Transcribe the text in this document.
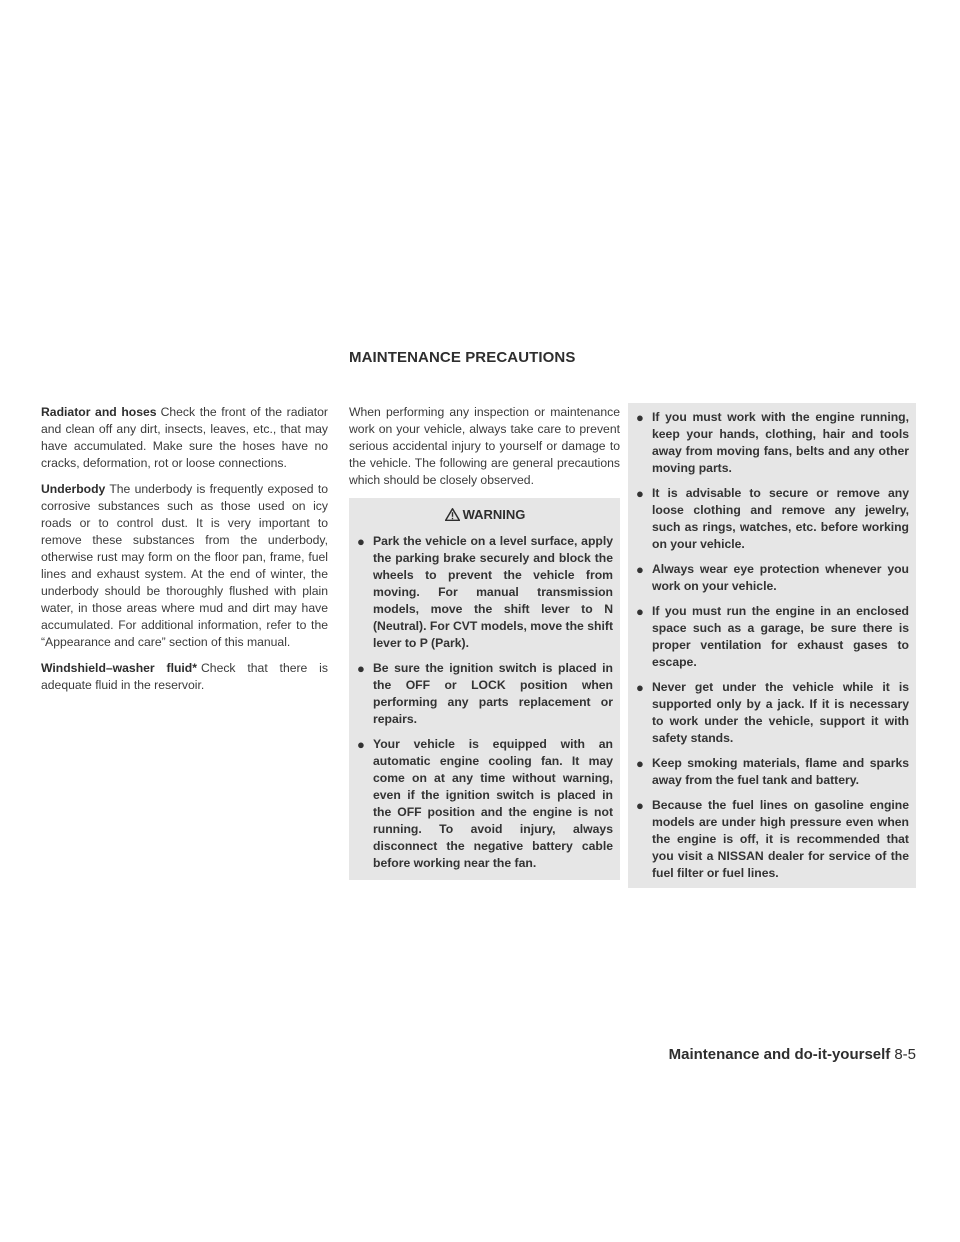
MAINTENANCE PRECAUTIONS

Radiator and hoses Check the front of the radiator and clean off any dirt, insects, leaves, etc., that may have accumulated. Make sure the hoses have no cracks, deformation, rot or loose connections.

Underbody The underbody is frequently exposed to corrosive substances such as those used on icy roads or to control dust. It is very important to remove these substances from the underbody, otherwise rust may form on the floor pan, frame, fuel lines and exhaust system. At the end of winter, the underbody should be thoroughly flushed with plain water, in those areas where mud and dirt may have accumulated. For additional information, refer to the “Appearance and care” section of this manual.

Windshield–washer fluid* Check that there is adequate fluid in the reservoir.

When performing any inspection or maintenance work on your vehicle, always take care to prevent serious accidental injury to yourself or damage to the vehicle. The following are general precautions which should be closely observed.

WARNING
● Park the vehicle on a level surface, apply the parking brake securely and block the wheels to prevent the vehicle from moving. For manual transmission models, move the shift lever to N (Neutral). For CVT models, move the shift lever to P (Park).
● Be sure the ignition switch is placed in the OFF or LOCK position when performing any parts replacement or repairs.
● Your vehicle is equipped with an automatic engine cooling fan. It may come on at any time without warning, even if the ignition switch is placed in the OFF position and the engine is not running. To avoid injury, always disconnect the negative battery cable before working near the fan.
● If you must work with the engine running, keep your hands, clothing, hair and tools away from moving fans, belts and any other moving parts.
● It is advisable to secure or remove any loose clothing and remove any jewelry, such as rings, watches, etc. before working on your vehicle.
● Always wear eye protection whenever you work on your vehicle.
● If you must run the engine in an enclosed space such as a garage, be sure there is proper ventilation for exhaust gases to escape.
● Never get under the vehicle while it is supported only by a jack. If it is necessary to work under the vehicle, support it with safety stands.
● Keep smoking materials, flame and sparks away from the fuel tank and battery.
● Because the fuel lines on gasoline engine models are under high pressure even when the engine is off, it is recommended that you visit a NISSAN dealer for service of the fuel filter or fuel lines.
Maintenance and do-it-yourself 8-5
